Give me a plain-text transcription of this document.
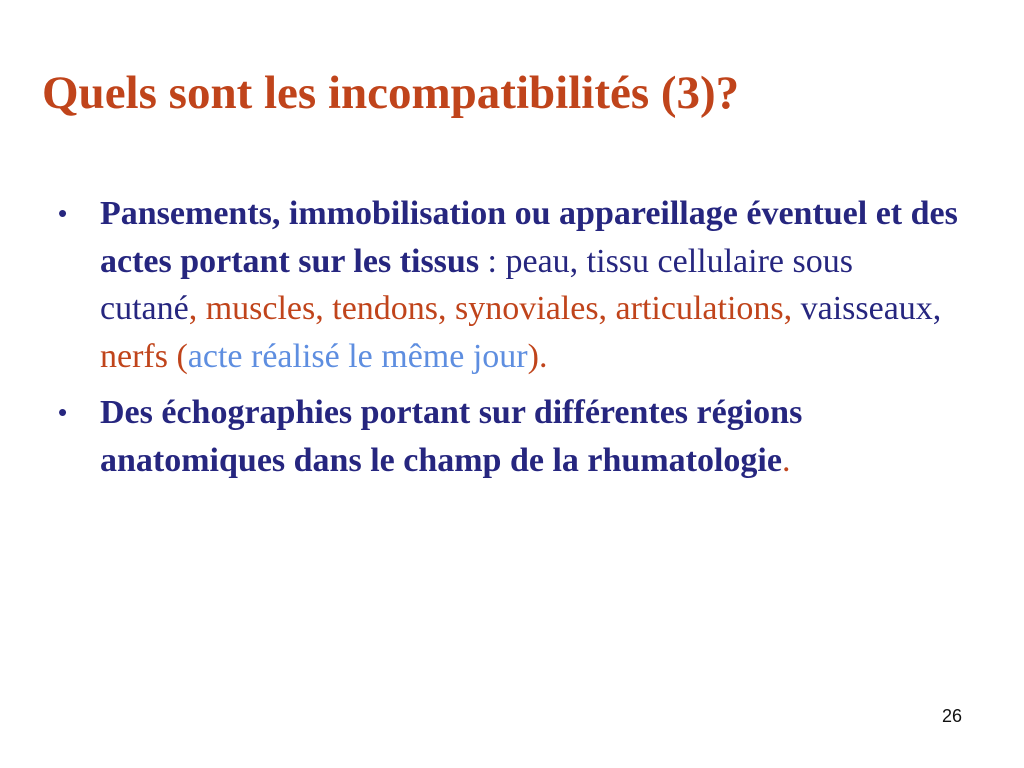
Quels sont les incompatibilités (3)?
• Pansements, immobilisation ou appareillage éventuel et des actes portant sur les tissus : peau, tissu cellulaire sous cutané, muscles, tendons, synoviales, articulations, vaisseaux, nerfs (acte réalisé le même jour).
• Des échographies portant sur différentes régions anatomiques dans le champ de la rhumatologie.
26
